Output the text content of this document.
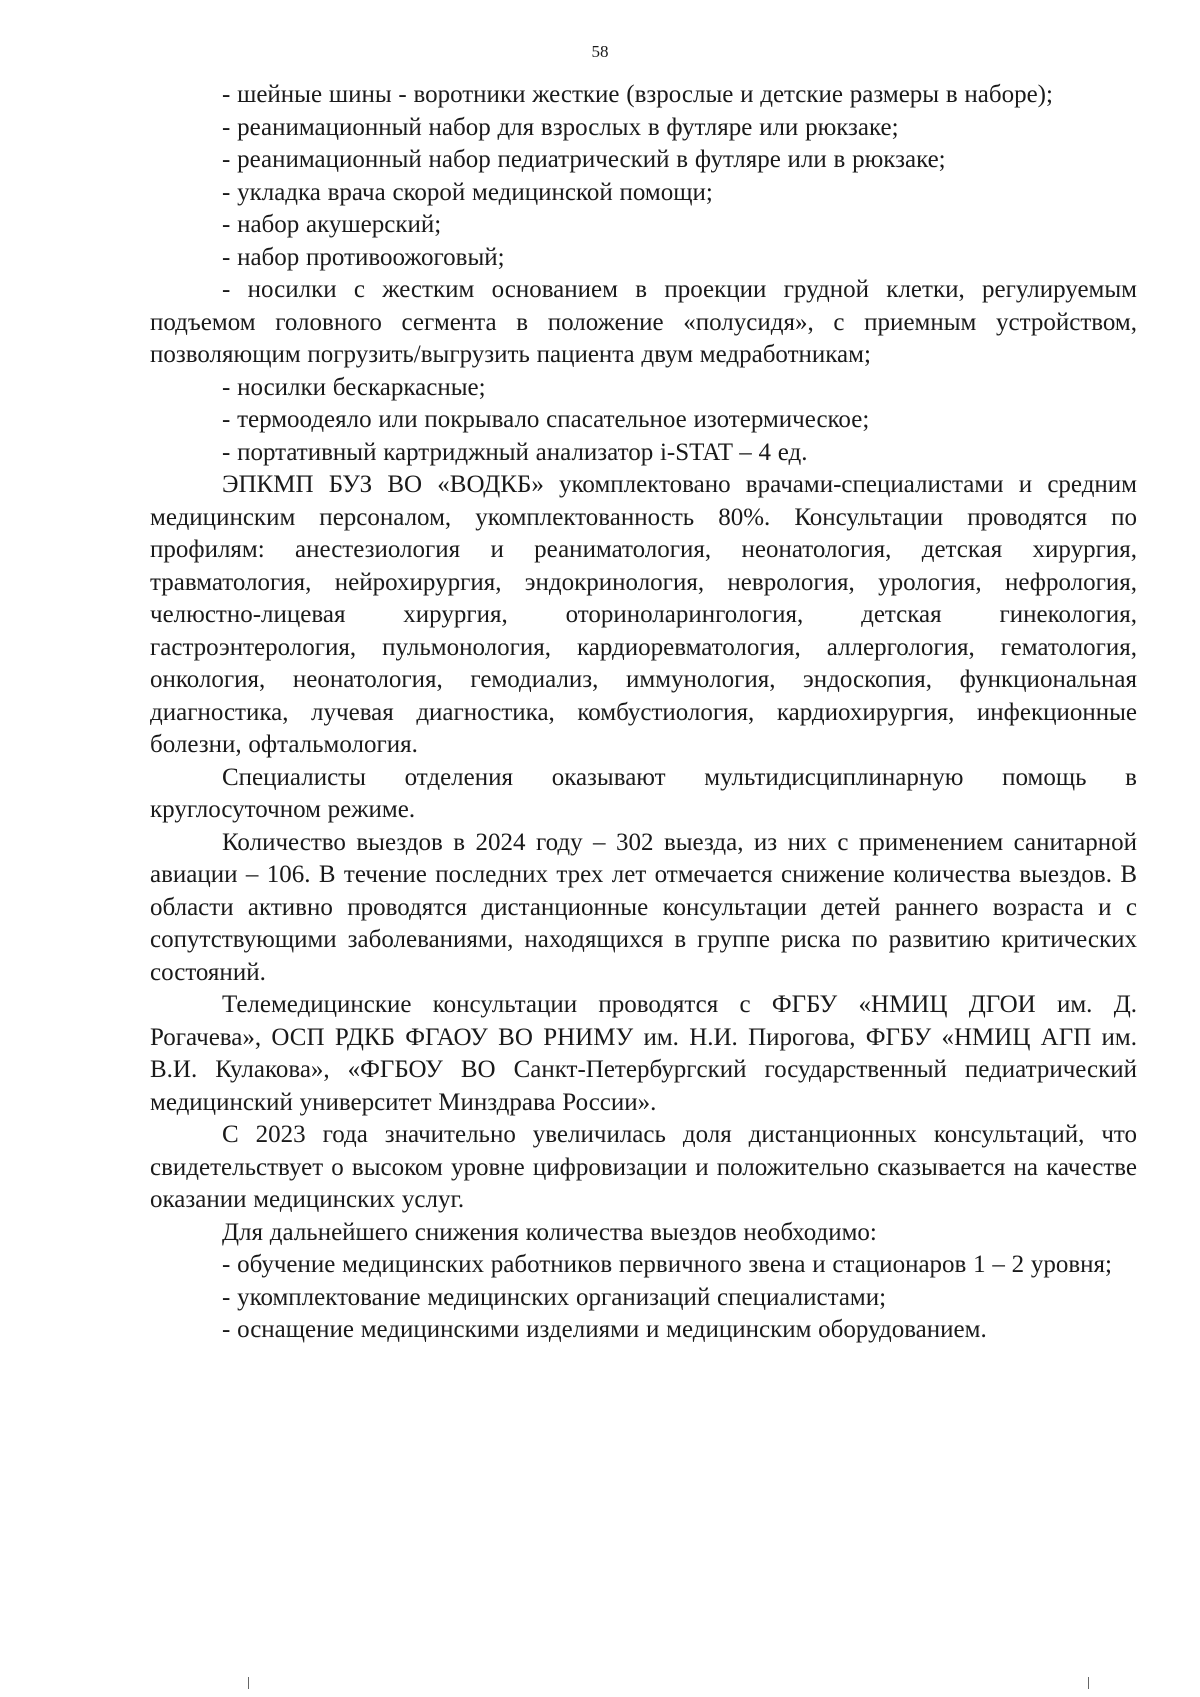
58

- шейные шины - воротники жесткие (взрослые и детские размеры в наборе);

- реанимационный набор для взрослых в футляре или рюкзаке;

- реанимационный набор педиатрический в футляре или в рюкзаке;

- укладка врача скорой медицинской помощи;

- набор акушерский;

- набор противоожоговый;

- носилки с жестким основанием в проекции грудной клетки, регулируемым подъемом головного сегмента в положение «полусидя», с приемным устройством, позволяющим погрузить/выгрузить пациента двум медработникам;

- носилки бескаркасные;

- термоодеяло или покрывало спасательное изотермическое;

- портативный картриджный анализатор i-STAT – 4 ед.

ЭПКМП БУЗ ВО «ВОДКБ» укомплектовано врачами-специалистами и средним медицинским персоналом, укомплектованность 80%. Консультации проводятся по профилям: анестезиология и реаниматология, неонатология, детская хирургия, травматология, нейрохирургия, эндокринология, неврология, урология, нефрология, челюстно-лицевая хирургия, оториноларингология, детская гинекология, гастроэнтерология, пульмонология, кардиоревматология, аллергология, гематология, онкология, неонатология, гемодиализ, иммунология, эндоскопия, функциональная диагностика, лучевая диагностика, комбустиология, кардиохирургия, инфекционные болезни, офтальмология.

Специалисты отделения оказывают мультидисциплинарную помощь в круглосуточном режиме.

Количество выездов в 2024 году – 302 выезда, из них с применением санитарной авиации – 106. В течение последних трех лет отмечается снижение количества выездов. В области активно проводятся дистанционные консультации детей раннего возраста и с сопутствующими заболеваниями, находящихся в группе риска по развитию критических состояний.

Телемедицинские консультации проводятся с ФГБУ «НМИЦ ДГОИ им. Д. Рогачева», ОСП РДКБ ФГАОУ ВО РНИМУ им. Н.И. Пирогова, ФГБУ «НМИЦ АГП им. В.И. Кулакова», «ФГБОУ ВО Санкт-Петербургский государственный педиатрический медицинский университет Минздрава России».

С 2023 года значительно увеличилась доля дистанционных консультаций, что свидетельствует о высоком уровне цифровизации и положительно сказывается на качестве оказании медицинских услуг.

Для дальнейшего снижения количества выездов необходимо:

- обучение медицинских работников первичного звена и стационаров 1 – 2 уровня;

- укомплектование медицинских организаций специалистами;

- оснащение медицинскими изделиями и медицинским оборудованием.
